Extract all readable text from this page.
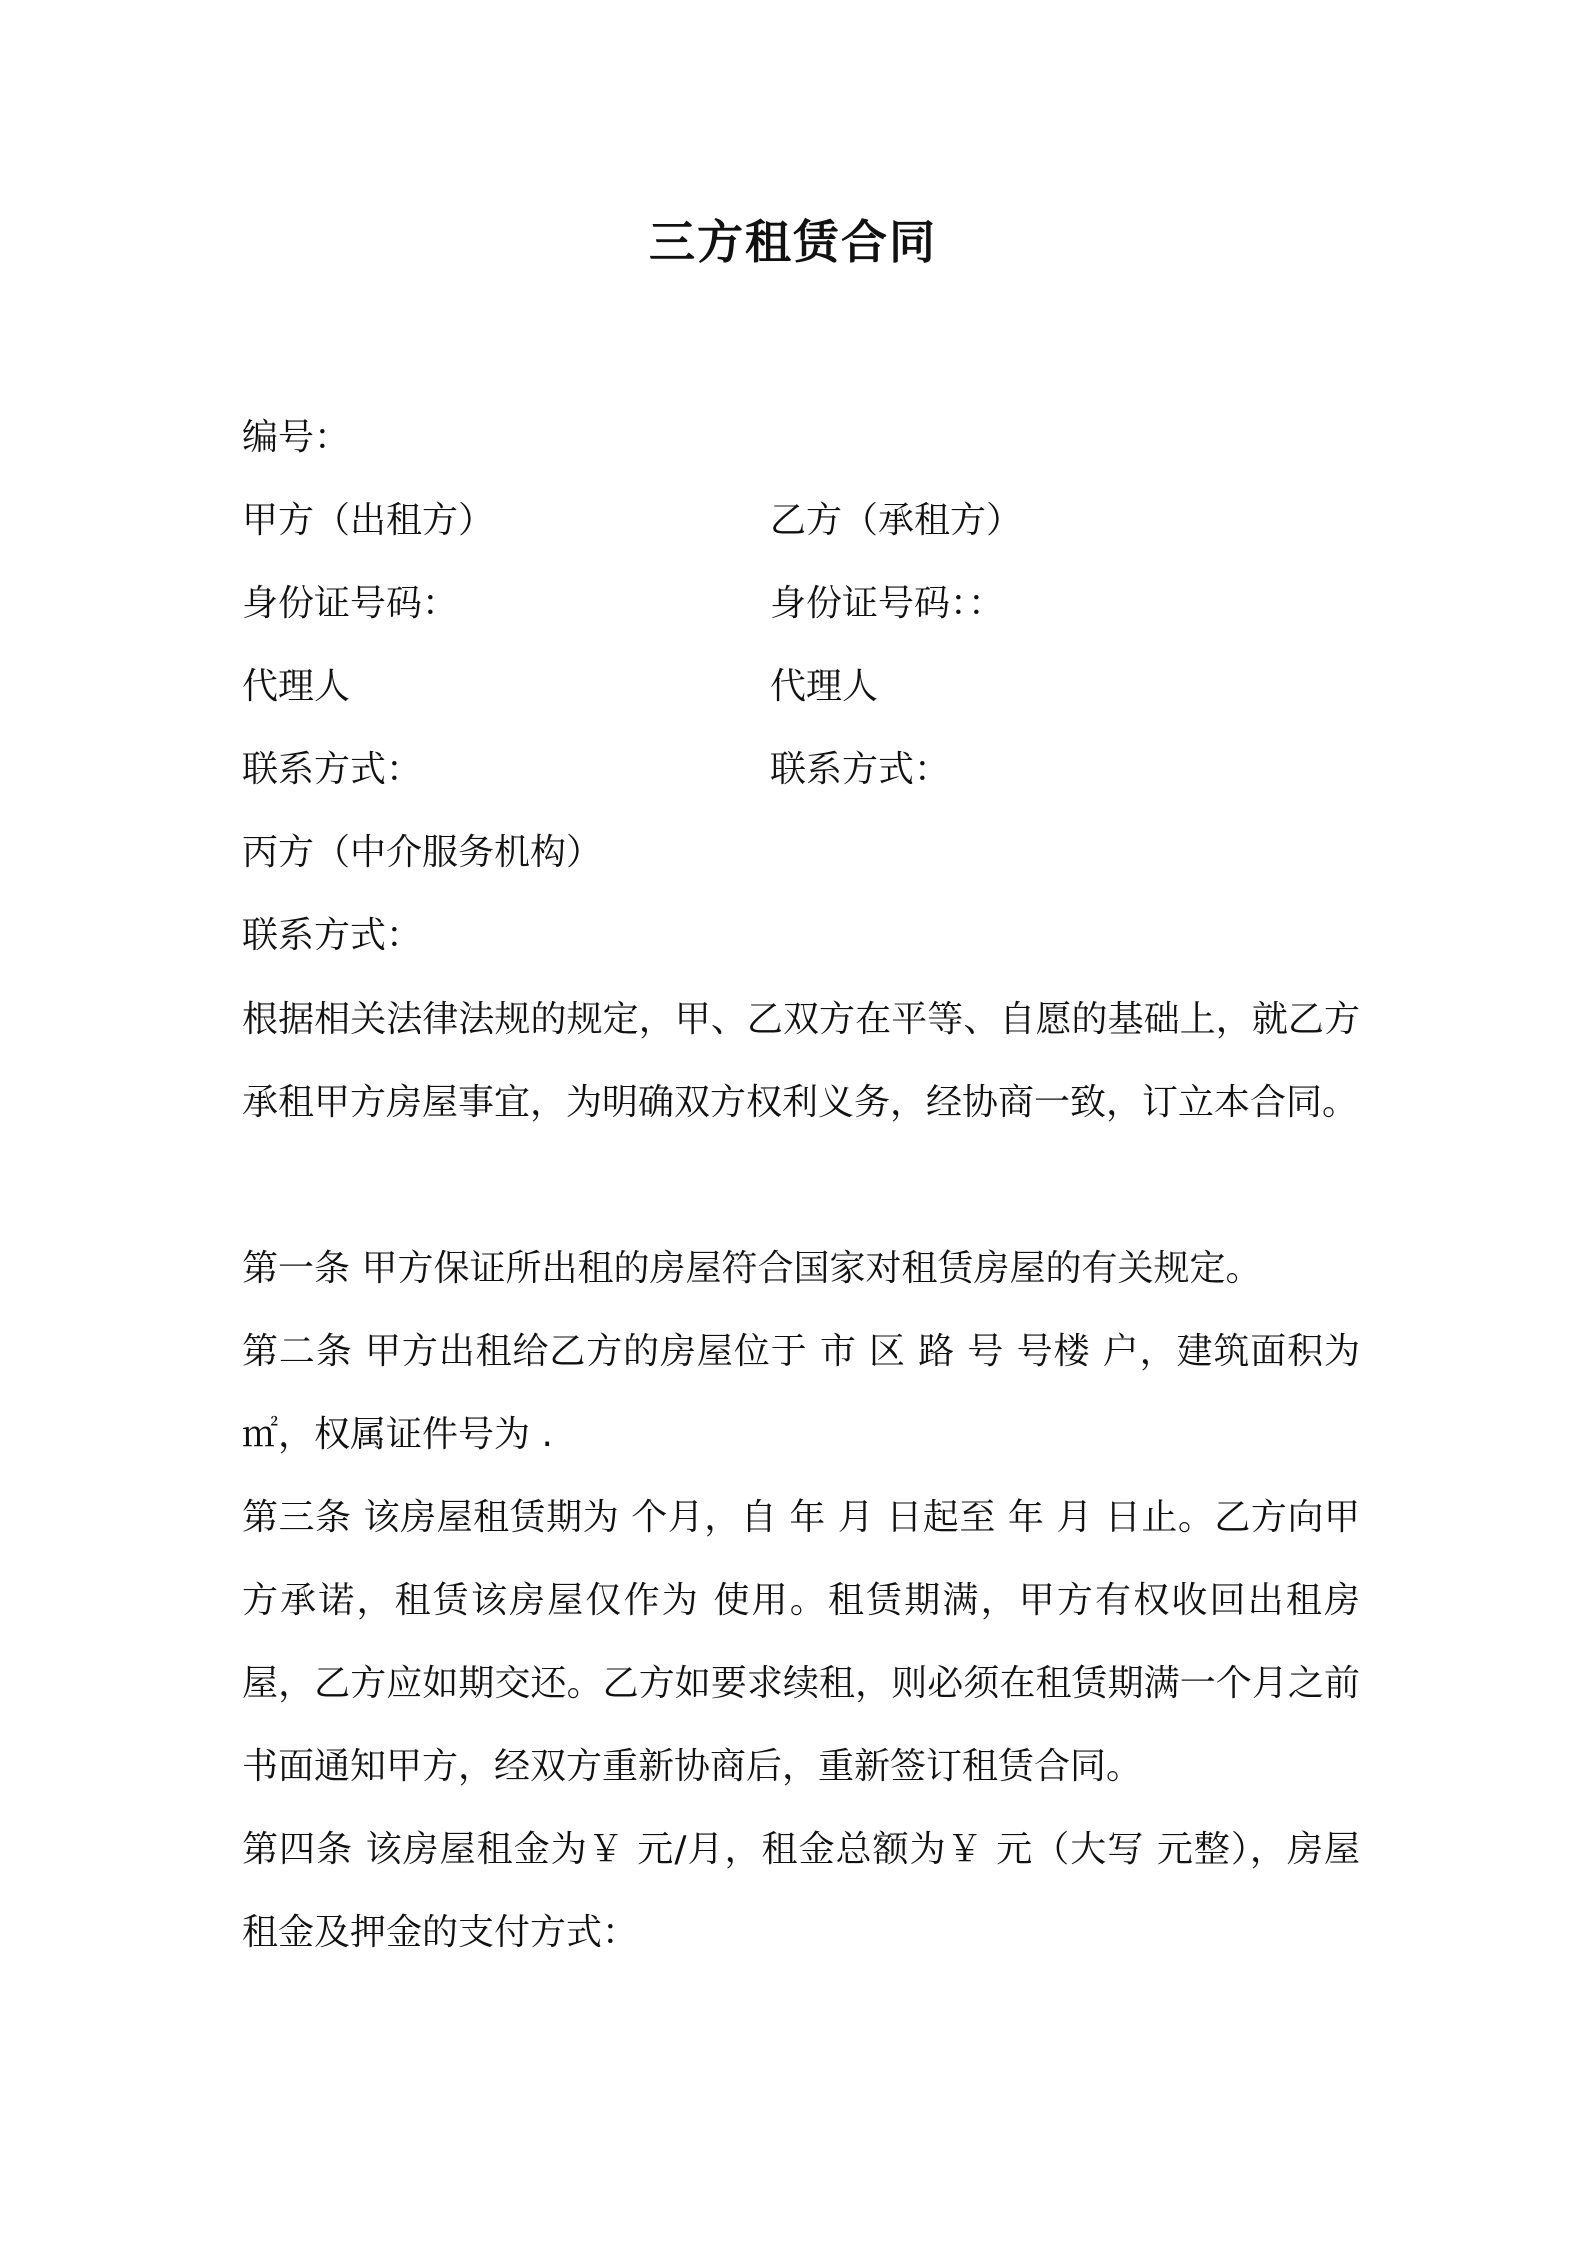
三方租赁合同
编号：
甲方（出租方）	乙方（承租方）
身份证号码：	身份证号码：：
代理人	代理人
联系方式：	联系方式：
丙方（中介服务机构）
联系方式：
根据相关法律法规的规定，甲、乙双方在平等、自愿的基础上，就乙方承租甲方房屋事宜，为明确双方权利义务，经协商一致，订立本合同。
第一条 甲方保证所出租的房屋符合国家对租赁房屋的有关规定。
第二条 甲方出租给乙方的房屋位于 市 区 路 号 号楼 户，建筑面积为 ㎡，权属证件号为 .
第三条 该房屋租赁期为 个月，自 年 月 日起至 年 月 日止。乙方向甲方承诺，租赁该房屋仅作为 使用。租赁期满，甲方有权收回出租房屋，乙方应如期交还。乙方如要求续租，则必须在租赁期满一个月之前书面通知甲方，经双方重新协商后，重新签订租赁合同。
第四条 该房屋租金为￥ 元/月，租金总额为￥ 元（大写 元整），房屋租金及押金的支付方式：
